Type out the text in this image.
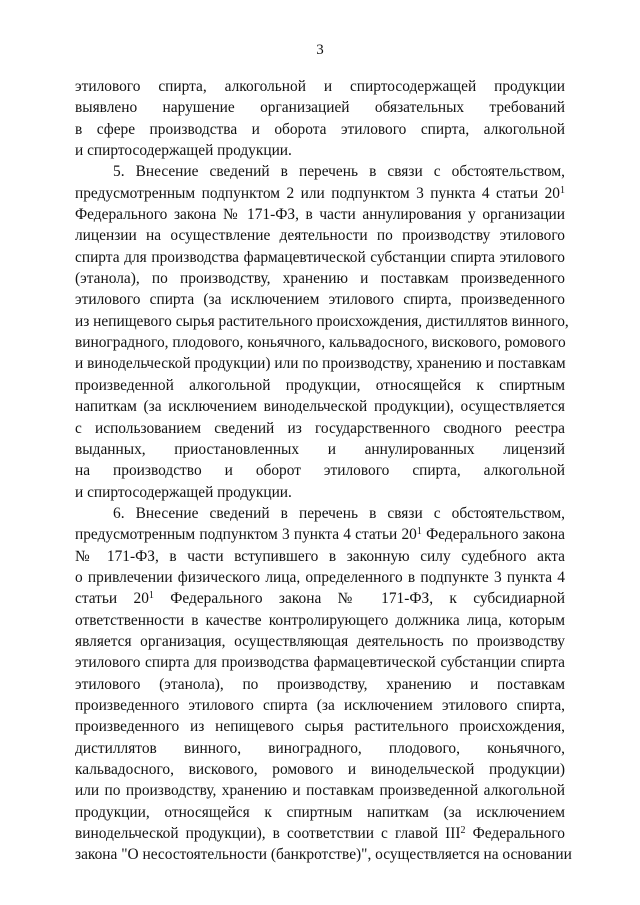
3
этилового спирта, алкогольной и спиртосодержащей продукции
выявлено нарушение организацией обязательных требований
в сфере производства и оборота этилового спирта, алкогольной
и спиртосодержащей продукции.
5. Внесение сведений в перечень в связи с обстоятельством,
предусмотренным подпунктом 2 или подпунктом 3 пункта 4 статьи $20^1$
Федерального закона № 171-ФЗ, в части аннулирования у организации
лицензии на осуществление деятельности по производству этилового
спирта для производства фармацевтической субстанции спирта этилового
(этанола), по производству, хранению и поставкам произведенного
этилового спирта (за исключением этилового спирта, произведенного
из непищевого сырья растительного происхождения, дистиллятов винного,
виноградного, плодового, коньячного, кальвадосного, вискового, ромового
и винодельческой продукции) или по производству, хранению и поставкам
произведенной алкогольной продукции, относящейся к спиртным
напиткам (за исключением винодельческой продукции), осуществляется
с использованием сведений из государственного сводного реестра
выданных, приостановленных и аннулированных лицензий
на производство и оборот этилового спирта, алкогольной
и спиртосодержащей продукции.
6. Внесение сведений в перечень в связи с обстоятельством,
предусмотренным подпунктом 3 пункта 4 статьи $20^1$ Федерального закона
№ 171-ФЗ, в части вступившего в законную силу судебного акта
о привлечении физического лица, определенного в подпункте 3 пункта 4
статьи $20^1$ Федерального закона № 171-ФЗ, к субсидиарной
ответственности в качестве контролирующего должника лица, которым
является организация, осуществляющая деятельность по производству
этилового спирта для производства фармацевтической субстанции спирта
этилового (этанола), по производству, хранению и поставкам
произведенного этилового спирта (за исключением этилового спирта,
произведенного из непищевого сырья растительного происхождения,
дистиллятов винного, виноградного, плодового, коньячного,
кальвадосного, вискового, ромового и винодельческой продукции)
или по производству, хранению и поставкам произведенной алкогольной
продукции, относящейся к спиртным напиткам (за исключением
винодельческой продукции), в соответствии с главой III$^2$ Федерального
закона "О несостоятельности (банкротстве)", осуществляется на основании
